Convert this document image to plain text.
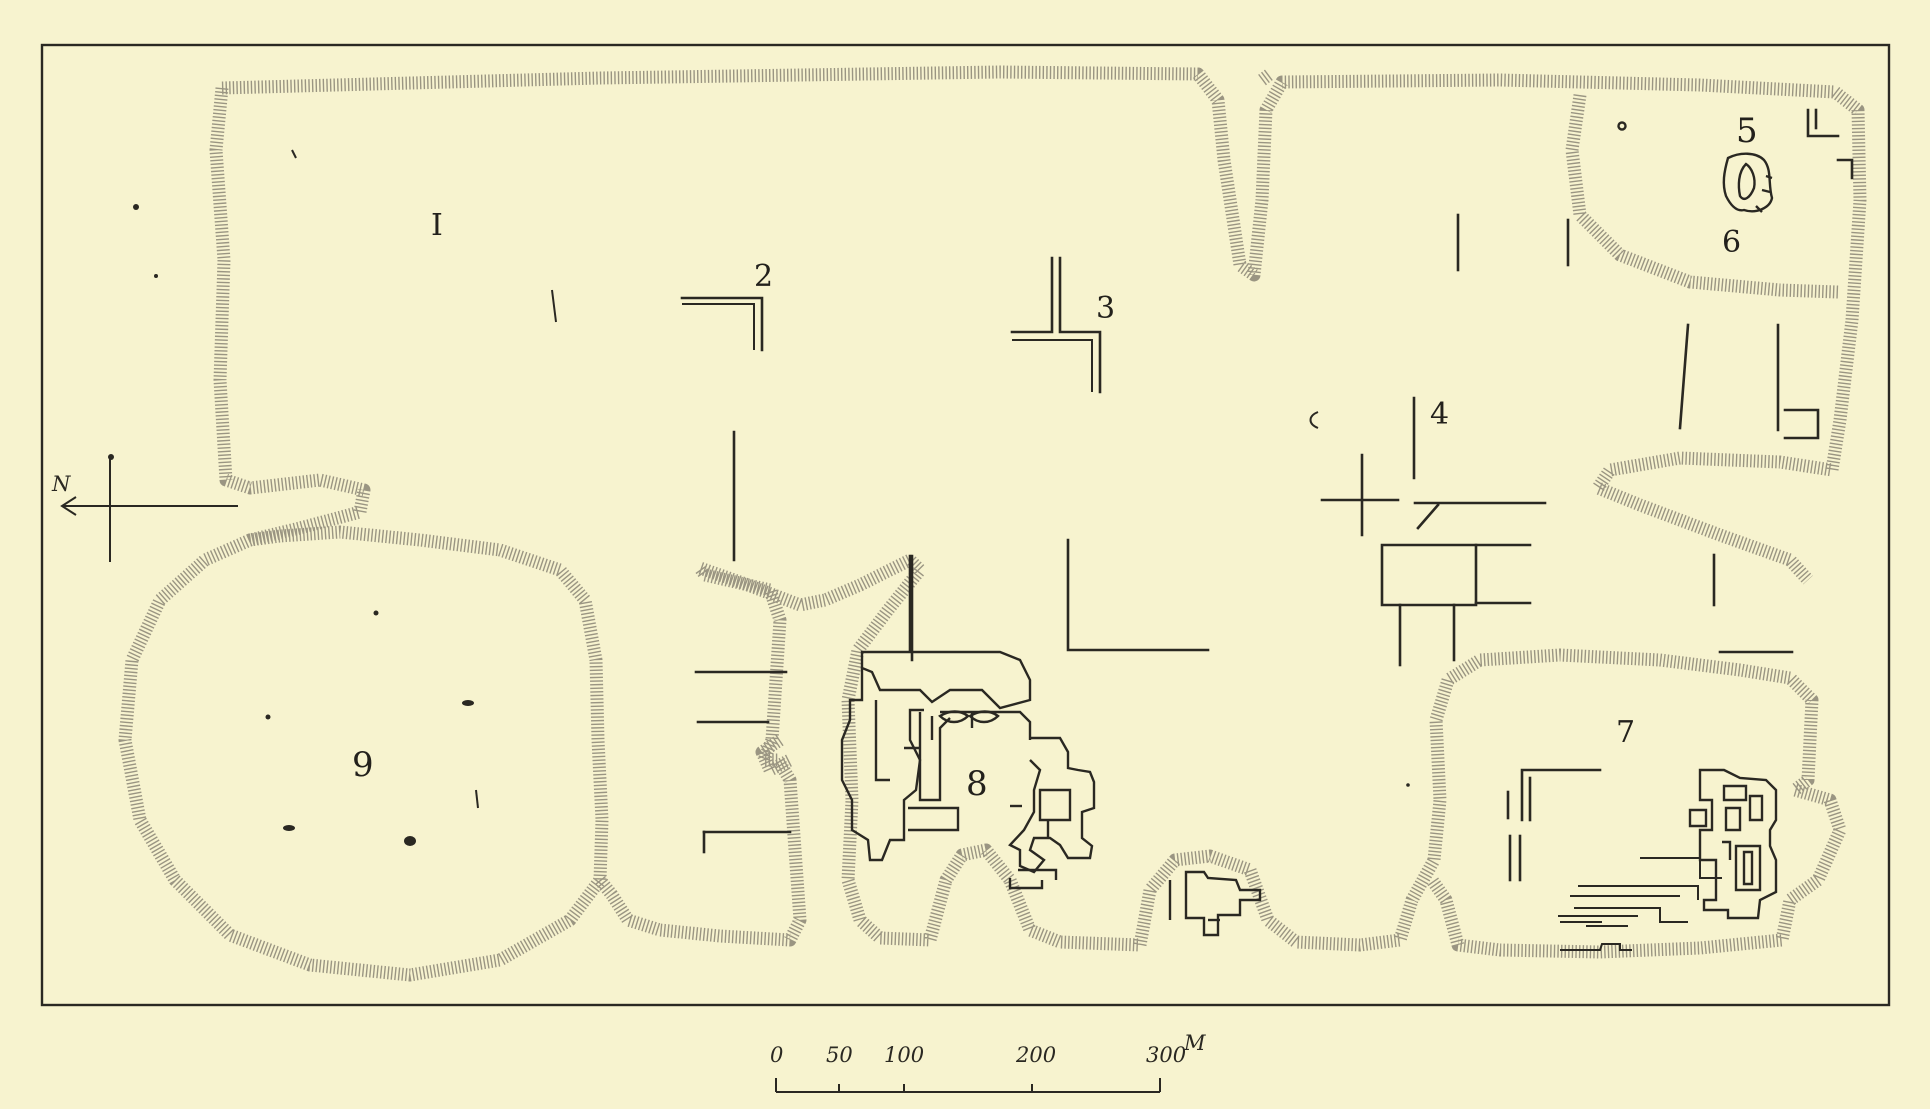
N
I
2
3
4
5
6
7
8
9
0 50 100	200	300
M
